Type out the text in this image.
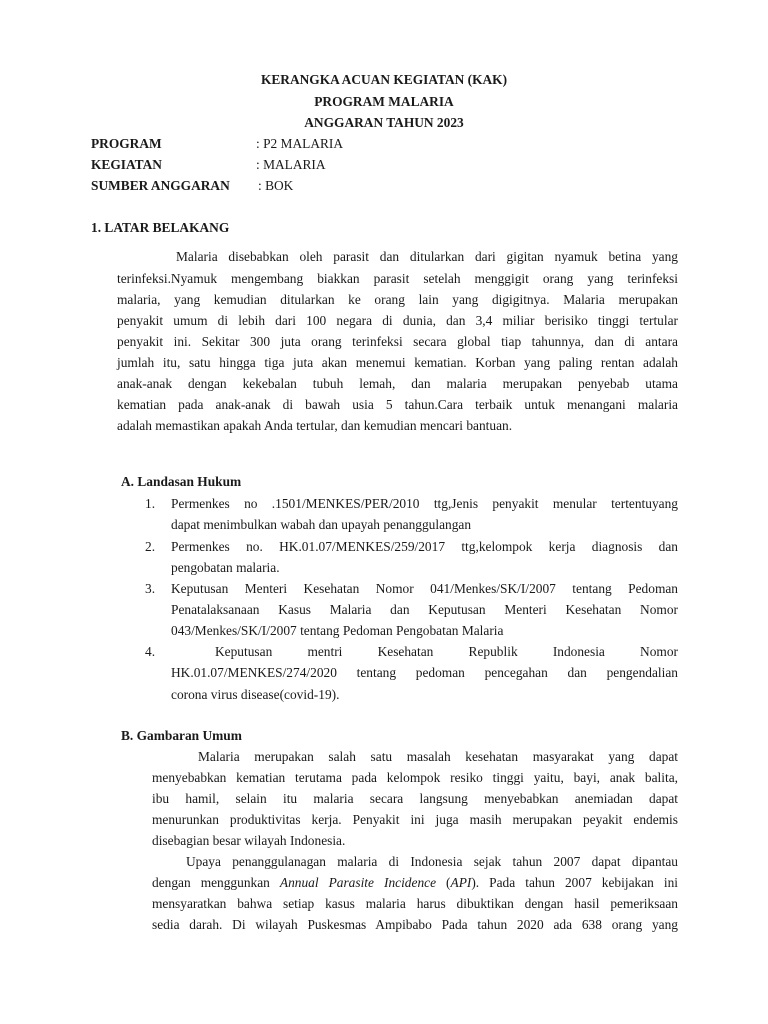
KERANGKA ACUAN KEGIATAN (KAK)
PROGRAM MALARIA
ANGGARAN TAHUN 2023
PROGRAM	: P2 MALARIA
KEGIATAN	: MALARIA
SUMBER ANGGARAN : BOK
1. LATAR BELAKANG
Malaria disebabkan oleh parasit dan ditularkan dari gigitan nyamuk betina yang
terinfeksi.Nyamuk mengembang biakkan parasit setelah menggigit orang yang terinfeksi
malaria, yang kemudian ditularkan ke orang lain yang digigitnya. Malaria merupakan
penyakit umum di lebih dari 100 negara di dunia, dan 3,4 miliar berisiko tinggi tertular
penyakit ini. Sekitar 300 juta orang terinfeksi secara global tiap tahunnya, dan di antara
jumlah itu, satu hingga tiga juta akan menemui kematian. Korban yang paling rentan adalah
anak-anak dengan kekebalan tubuh lemah, dan malaria merupakan penyebab utama
kematian pada anak-anak di bawah usia 5 tahun.Cara terbaik untuk menangani malaria
adalah memastikan apakah Anda tertular, dan kemudian mencari bantuan.
A. Landasan Hukum
1. Permenkes no .1501/MENKES/PER/2010 ttg,Jenis penyakit menular tertentuyang
dapat menimbulkan wabah dan upayah penanggulangan
2. Permenkes no. HK.01.07/MENKES/259/2017 ttg,kelompok kerja diagnosis dan
pengobatan malaria.
3. Keputusan Menteri Kesehatan Nomor 041/Menkes/SK/I/2007 tentang Pedoman
Penatalaksanaan Kasus Malaria dan Keputusan Menteri Kesehatan Nomor
043/Menkes/SK/I/2007 tentang Pedoman Pengobatan Malaria
4.	Keputusan mentri Kesehatan Republik Indonesia Nomor
HK.01.07/MENKES/274/2020 tentang pedoman pencegahan dan pengendalian
corona virus disease(covid-19).
B. Gambaran Umum
Malaria merupakan salah satu masalah kesehatan masyarakat yang dapat
menyebabkan kematian terutama pada kelompok resiko tinggi yaitu, bayi, anak balita,
ibu hamil, selain itu malaria secara langsung menyebabkan anemiadan dapat
menurunkan produktivitas kerja. Penyakit ini juga masih merupakan peyakit endemis
disebagian besar wilayah Indonesia.
Upaya penanggulanagan malaria di Indonesia sejak tahun 2007 dapat dipantau
dengan menggunkan Annual Parasite Incidence (API). Pada tahun 2007 kebijakan ini
mensyaratkan bahwa setiap kasus malaria harus dibuktikan dengan hasil pemeriksaan
sedia darah. Di wilayah Puskesmas Ampibabo Pada tahun 2020 ada 638 orang yang
